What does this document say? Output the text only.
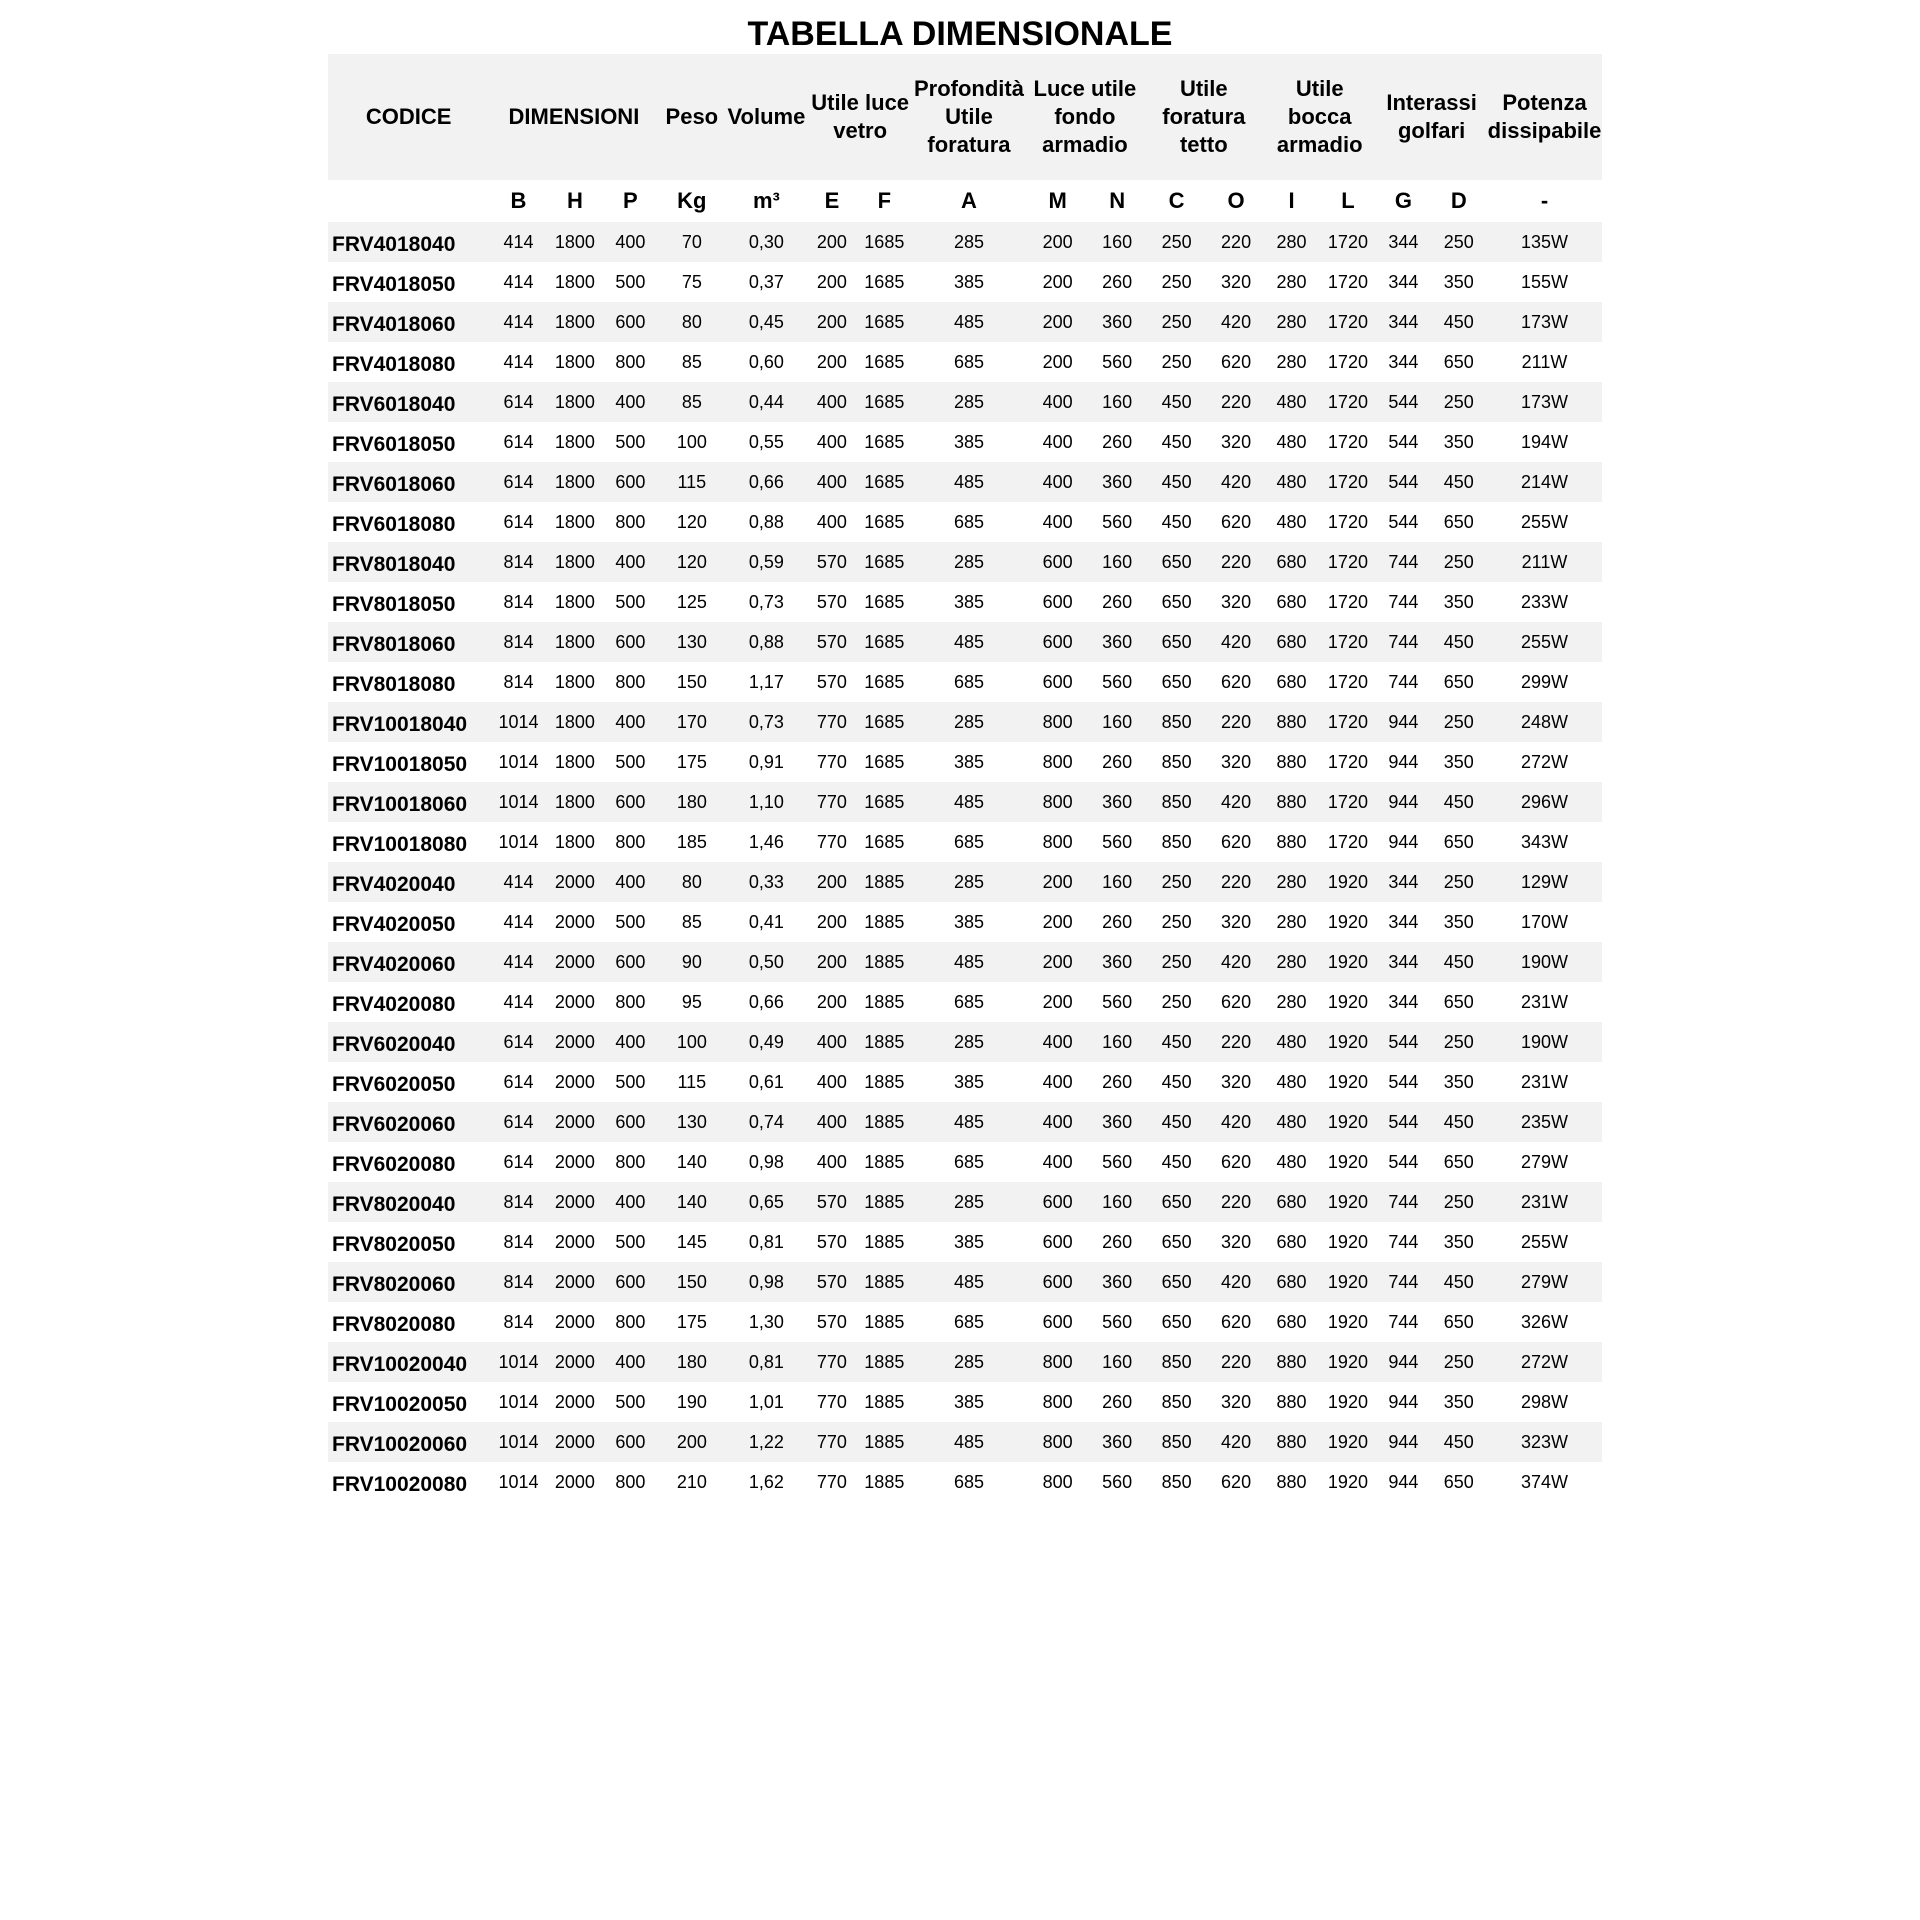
TABELLA DIMENSIONALE
CODICE	DIMENSIONI			Peso	Volume	Utile luce vetro		Profondità Utile foratura	Luce utile fondo armadio		Utile foratura tetto		Utile bocca armadio		Interassi golfari		Potenza dissipabile
	B	H	P	Kg	m³	E	F	A	M	N	C	O	I	L	G	D	-
FRV4018040	414	1800	400	70	0,30	200	1685	285	200	160	250	220	280	1720	344	250	135W
FRV4018050	414	1800	500	75	0,37	200	1685	385	200	260	250	320	280	1720	344	350	155W
FRV4018060	414	1800	600	80	0,45	200	1685	485	200	360	250	420	280	1720	344	450	173W
FRV4018080	414	1800	800	85	0,60	200	1685	685	200	560	250	620	280	1720	344	650	211W
FRV6018040	614	1800	400	85	0,44	400	1685	285	400	160	450	220	480	1720	544	250	173W
FRV6018050	614	1800	500	100	0,55	400	1685	385	400	260	450	320	480	1720	544	350	194W
FRV6018060	614	1800	600	115	0,66	400	1685	485	400	360	450	420	480	1720	544	450	214W
FRV6018080	614	1800	800	120	0,88	400	1685	685	400	560	450	620	480	1720	544	650	255W
FRV8018040	814	1800	400	120	0,59	570	1685	285	600	160	650	220	680	1720	744	250	211W
FRV8018050	814	1800	500	125	0,73	570	1685	385	600	260	650	320	680	1720	744	350	233W
FRV8018060	814	1800	600	130	0,88	570	1685	485	600	360	650	420	680	1720	744	450	255W
FRV8018080	814	1800	800	150	1,17	570	1685	685	600	560	650	620	680	1720	744	650	299W
FRV10018040	1014	1800	400	170	0,73	770	1685	285	800	160	850	220	880	1720	944	250	248W
FRV10018050	1014	1800	500	175	0,91	770	1685	385	800	260	850	320	880	1720	944	350	272W
FRV10018060	1014	1800	600	180	1,10	770	1685	485	800	360	850	420	880	1720	944	450	296W
FRV10018080	1014	1800	800	185	1,46	770	1685	685	800	560	850	620	880	1720	944	650	343W
FRV4020040	414	2000	400	80	0,33	200	1885	285	200	160	250	220	280	1920	344	250	129W
FRV4020050	414	2000	500	85	0,41	200	1885	385	200	260	250	320	280	1920	344	350	170W
FRV4020060	414	2000	600	90	0,50	200	1885	485	200	360	250	420	280	1920	344	450	190W
FRV4020080	414	2000	800	95	0,66	200	1885	685	200	560	250	620	280	1920	344	650	231W
FRV6020040	614	2000	400	100	0,49	400	1885	285	400	160	450	220	480	1920	544	250	190W
FRV6020050	614	2000	500	115	0,61	400	1885	385	400	260	450	320	480	1920	544	350	231W
FRV6020060	614	2000	600	130	0,74	400	1885	485	400	360	450	420	480	1920	544	450	235W
FRV6020080	614	2000	800	140	0,98	400	1885	685	400	560	450	620	480	1920	544	650	279W
FRV8020040	814	2000	400	140	0,65	570	1885	285	600	160	650	220	680	1920	744	250	231W
FRV8020050	814	2000	500	145	0,81	570	1885	385	600	260	650	320	680	1920	744	350	255W
FRV8020060	814	2000	600	150	0,98	570	1885	485	600	360	650	420	680	1920	744	450	279W
FRV8020080	814	2000	800	175	1,30	570	1885	685	600	560	650	620	680	1920	744	650	326W
FRV10020040	1014	2000	400	180	0,81	770	1885	285	800	160	850	220	880	1920	944	250	272W
FRV10020050	1014	2000	500	190	1,01	770	1885	385	800	260	850	320	880	1920	944	350	298W
FRV10020060	1014	2000	600	200	1,22	770	1885	485	800	360	850	420	880	1920	944	450	323W
FRV10020080	1014	2000	800	210	1,62	770	1885	685	800	560	850	620	880	1920	944	650	374W
